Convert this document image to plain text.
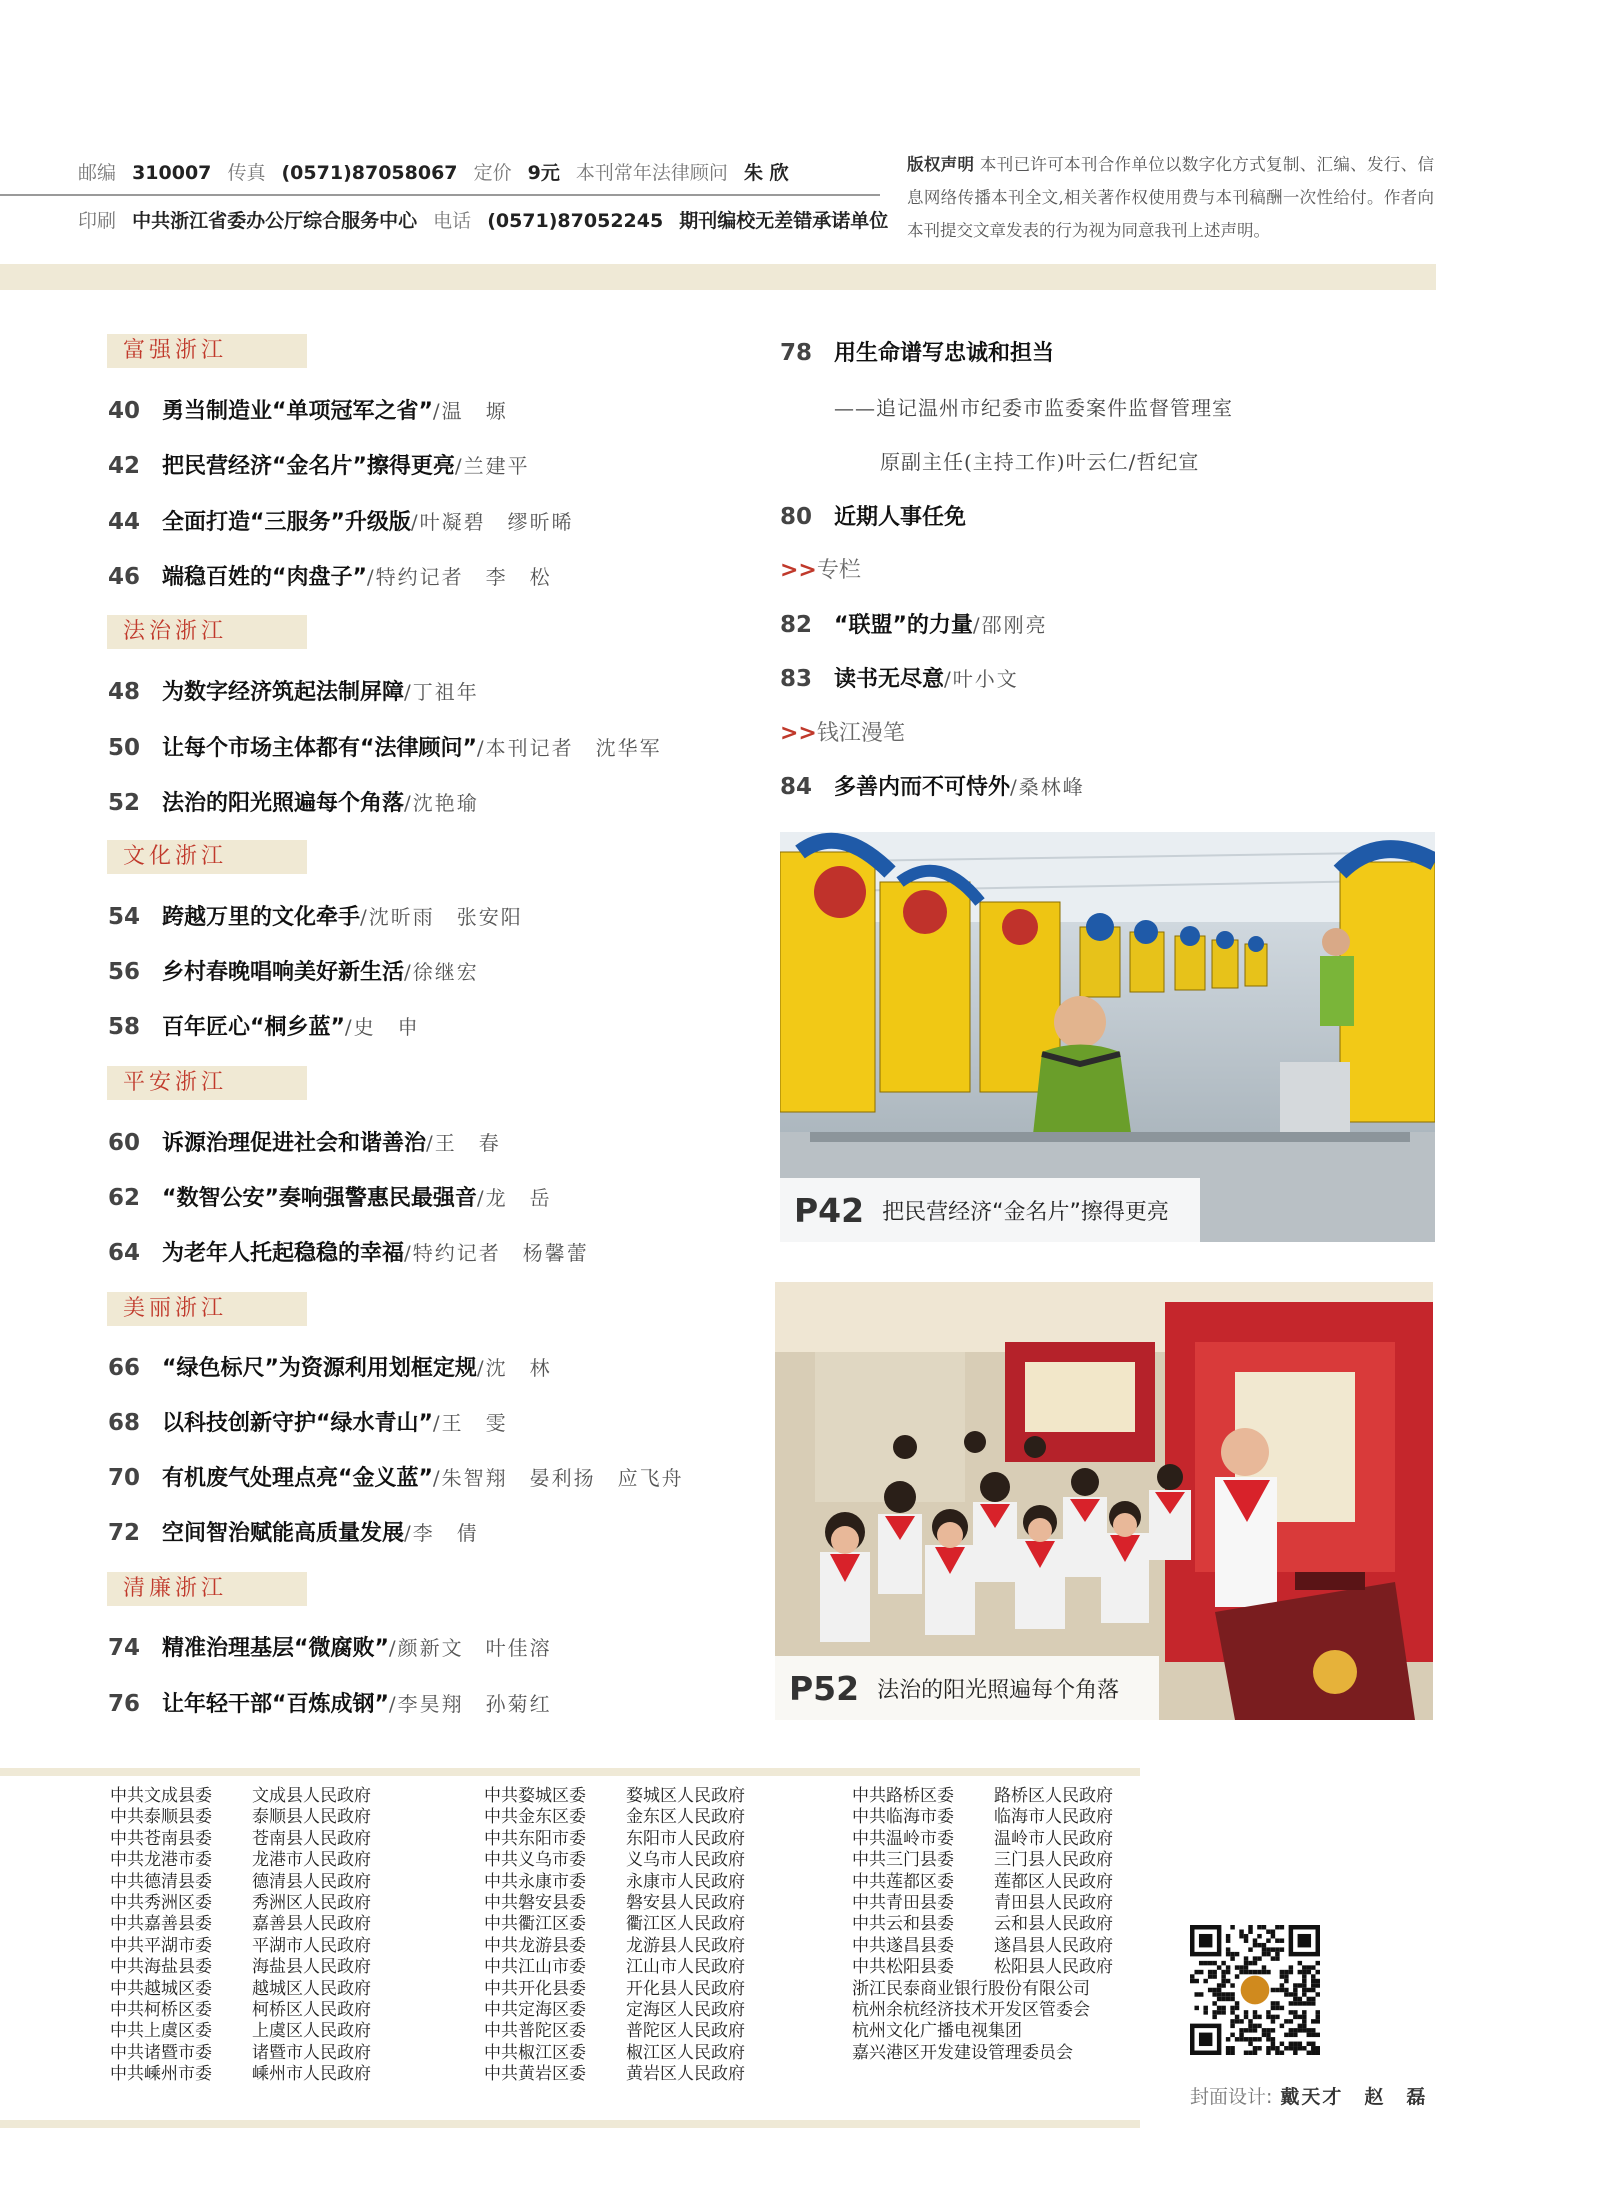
邮编 310007 传真 (0571)87058067 定价 9元 本刊常年法律顾问 朱 欣
印刷 中共浙江省委办公厅综合服务中心 电话 (0571)87052245 期刊编校无差错承诺单位
版权声明 本刊已许可本刊合作单位以数字化方式复制、汇编、发行、信息网络传播本刊全文,相关著作权使用费与本刊稿酬一次性给付。作者向本刊提交文章发表的行为视为同意我刊上述声明。
富强浙江
40 勇当制造业“单项冠军之省”/温　塬
42 把民营经济“金名片”擦得更亮/兰建平
44 全面打造“三服务”升级版/叶凝碧　缪昕晞
46 端稳百姓的“肉盘子”/特约记者　李　松
法治浙江
48 为数字经济筑起法制屏障/丁祖年
50 让每个市场主体都有“法律顾问”/本刊记者　沈华军
52 法治的阳光照遍每个角落/沈艳瑜
文化浙江
54 跨越万里的文化牵手/沈昕雨　张安阳
56 乡村春晚唱响美好新生活/徐继宏
58 百年匠心“桐乡蓝”/史　申
平安浙江
60 诉源治理促进社会和谐善治/王　春
62 “数智公安”奏响强警惠民最强音/龙　岳
64 为老年人托起稳稳的幸福/特约记者　杨馨蕾
美丽浙江
66 “绿色标尺”为资源利用划框定规/沈　林
68 以科技创新守护“绿水青山”/王　雯
70 有机废气处理点亮“金义蓝”/朱智翔　晏利扬　应飞舟
72 空间智治赋能高质量发展/李　倩
清廉浙江
74 精准治理基层“微腐败”/颜新文　叶佳溶
76 让年轻干部“百炼成钢”/李昊翔　孙菊红
78 用生命谱写忠诚和担当
——追记温州市纪委市监委案件监督管理室
原副主任(主持工作)叶云仁/哲纪宣
80 近期人事任免
>>专栏
82 “联盟”的力量/邵刚亮
83 读书无尽意/叶小文
>>钱江漫笔
84 多善内而不可恃外/桑林峰
P42 把民营经济“金名片”擦得更亮
P52 法治的阳光照遍每个角落
中共文成县委 文成县人民政府
中共泰顺县委 泰顺县人民政府
中共苍南县委 苍南县人民政府
中共龙港市委 龙港市人民政府
中共德清县委 德清县人民政府
中共秀洲区委 秀洲区人民政府
中共嘉善县委 嘉善县人民政府
中共平湖市委 平湖市人民政府
中共海盐县委 海盐县人民政府
中共越城区委 越城区人民政府
中共柯桥区委 柯桥区人民政府
中共上虞区委 上虞区人民政府
中共诸暨市委 诸暨市人民政府
中共嵊州市委 嵊州市人民政府
中共婺城区委 婺城区人民政府
中共金东区委 金东区人民政府
中共东阳市委 东阳市人民政府
中共义乌市委 义乌市人民政府
中共永康市委 永康市人民政府
中共磐安县委 磐安县人民政府
中共衢江区委 衢江区人民政府
中共龙游县委 龙游县人民政府
中共江山市委 江山市人民政府
中共开化县委 开化县人民政府
中共定海区委 定海区人民政府
中共普陀区委 普陀区人民政府
中共椒江区委 椒江区人民政府
中共黄岩区委 黄岩区人民政府
中共路桥区委 路桥区人民政府
中共临海市委 临海市人民政府
中共温岭市委 温岭市人民政府
中共三门县委 三门县人民政府
中共莲都区委 莲都区人民政府
中共青田县委 青田县人民政府
中共云和县委 云和县人民政府
中共遂昌县委 遂昌县人民政府
中共松阳县委 松阳县人民政府
浙江民泰商业银行股份有限公司
杭州余杭经济技术开发区管委会
杭州文化广播电视集团
嘉兴港区开发建设管理委员会
封面设计: 戴天才　赵　磊
